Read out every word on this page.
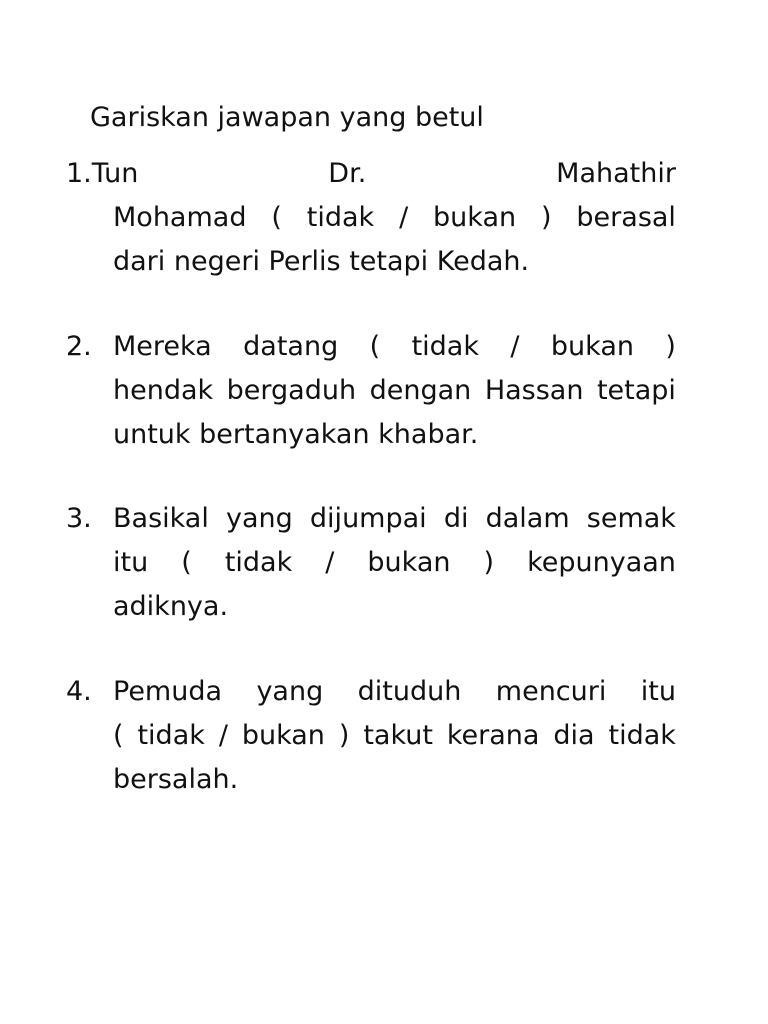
Gariskan jawapan yang betul
1.Tun	Dr.	Mahathir
Mohamad ( tidak / bukan ) berasal
dari negeri Perlis tetapi Kedah.
2. Mereka datang ( tidak / bukan )
hendak bergaduh dengan Hassan tetapi
untuk bertanyakan khabar.
3. Basikal yang dijumpai di dalam semak
itu ( tidak / bukan ) kepunyaan
adiknya.
4. Pemuda yang dituduh mencuri itu
( tidak / bukan ) takut kerana dia tidak
bersalah.
